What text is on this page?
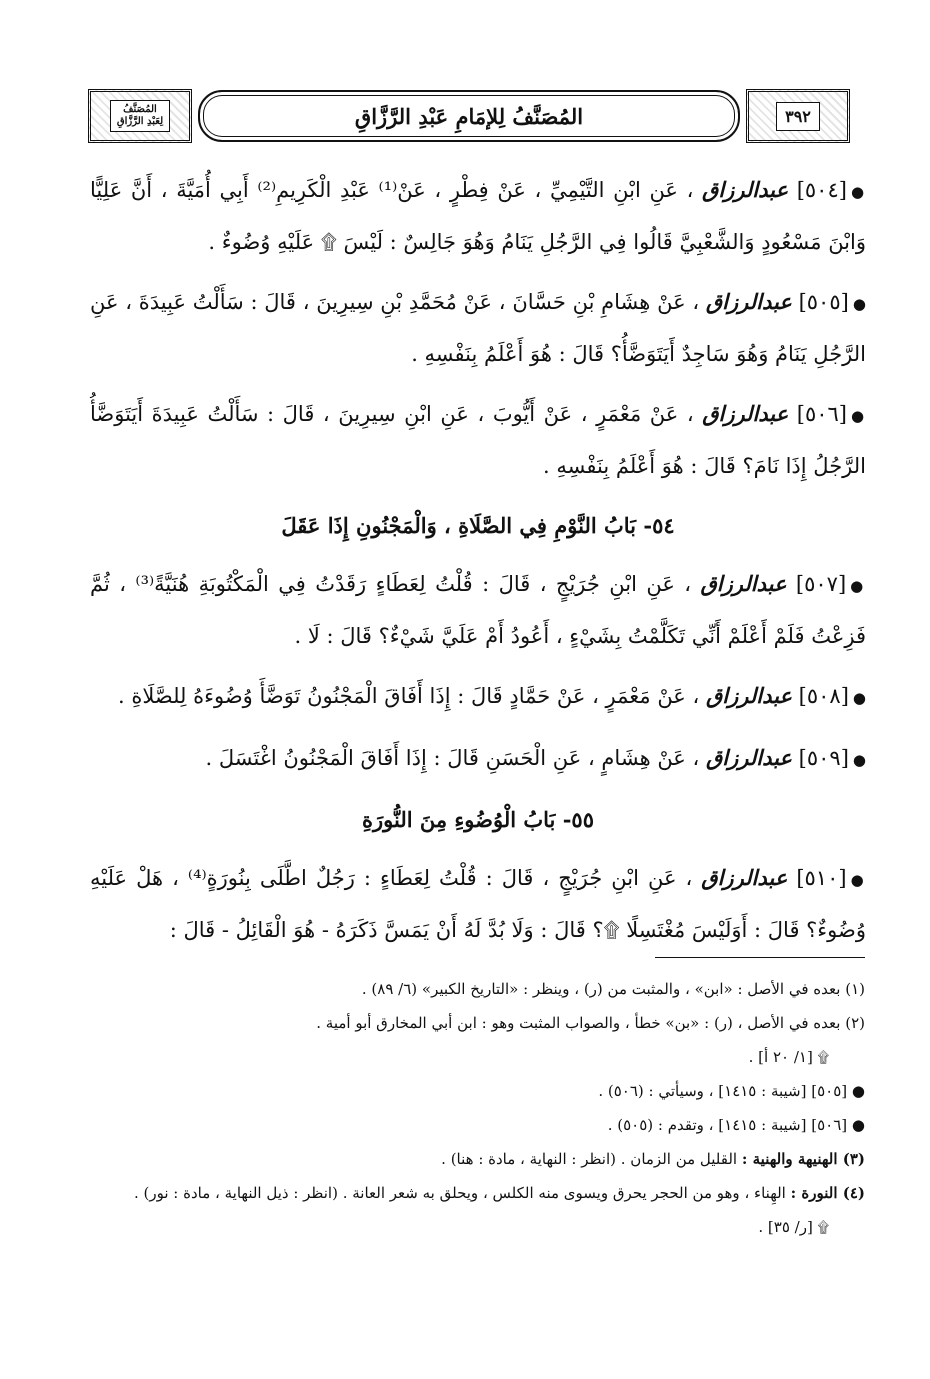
المُصَنَّفُ
لِعَبْدِ الرَّزَّاقِ	المُصَنَّفُ لِلإمَامِ عَبْدِ الرَّزَّاقِ	٣٩٢

●[٥٠٤] عبدالرزاق ، عَنِ ابْنِ التَّيْمِيِّ ، عَنْ فِطْرٍ ، عَنْ⁽¹⁾ عَبْدِ الْكَرِيمِ⁽²⁾ أَبِي أُمَيَّةَ ، أَنَّ عَلِيًّا وَابْنَ مَسْعُودٍ وَالشَّعْبِيَّ قَالُوا فِي الرَّجُلِ يَنَامُ وَهُوَ جَالِسٌ : لَيْسَ ۩ عَلَيْهِ وُضُوءٌ .

●[٥٠٥] عبدالرزاق ، عَنْ هِشَامِ بْنِ حَسَّانَ ، عَنْ مُحَمَّدِ بْنِ سِيرِينَ ، قَالَ : سَأَلْتُ عَبِيدَةَ ، عَنِ الرَّجُلِ يَنَامُ وَهُوَ سَاجِدٌ أَيَتَوَضَّأُ؟ قَالَ : هُوَ أَعْلَمُ بِنَفْسِهِ .

●[٥٠٦] عبدالرزاق ، عَنْ مَعْمَرٍ ، عَنْ أَيُّوبَ ، عَنِ ابْنِ سِيرِينَ ، قَالَ : سَأَلْتُ عَبِيدَةَ أَيَتَوَضَّأُ الرَّجُلُ إِذَا نَامَ؟ قَالَ : هُوَ أَعْلَمُ بِنَفْسِهِ .

٥٤- بَابُ النَّوْمِ فِي الصَّلَاةِ ، وَالْمَجْنُونِ إِذَا عَقَلَ

●[٥٠٧] عبدالرزاق ، عَنِ ابْنِ جُرَيْجٍ ، قَالَ : قُلْتُ لِعَطَاءٍ رَقَدْتُ فِي الْمَكْتُوبَةِ هُنَيَّةً⁽³⁾ ، ثُمَّ فَزِعْتُ فَلَمْ أَعْلَمْ أَنِّي تَكَلَّمْتُ بِشَيْءٍ ، أَعُودُ أَمْ عَلَيَّ شَيْءٌ؟ قَالَ : لَا .

●[٥٠٨] عبدالرزاق ، عَنْ مَعْمَرٍ ، عَنْ حَمَّادٍ قَالَ : إِذَا أَفَاقَ الْمَجْنُونُ تَوَضَّأَ وُضُوءَهُ لِلصَّلَاةِ .

●[٥٠٩] عبدالرزاق ، عَنْ هِشَامٍ ، عَنِ الْحَسَنِ قَالَ : إِذَا أَفَاقَ الْمَجْنُونُ اغْتَسَلَ .

٥٥- بَابُ الْوُضُوءِ مِنَ النُّورَةِ

●[٥١٠] عبدالرزاق ، عَنِ ابْنِ جُرَيْجٍ ، قَالَ : قُلْتُ لِعَطَاءٍ : رَجُلٌ اطَّلَى بِنُورَةٍ⁽⁴⁾ ، هَلْ عَلَيْهِ وُضُوءٌ؟ قَالَ : أَوَلَيْسَ مُغْتَسِلًا ۩؟ قَالَ : وَلَا بُدَّ لَهُ أَنْ يَمَسَّ ذَكَرَهُ - هُوَ الْقَائِلُ - قَالَ :

(١) بعده في الأصل : «ابن» ، والمثبت من (ر) ، وينظر : «التاريخ الكبير» (٦/ ٨٩) .

(٢) بعده في الأصل ، (ر) : «بن» خطأ ، والصواب المثبت وهو : ابن أبي المخارق أبو أمية .

۩ [١/ ٢٠ أ] .

● [٥٠٥] [شيبة : ١٤١٥] ، وسيأتي : (٥٠٦) .

● [٥٠٦] [شيبة : ١٤١٥] ، وتقدم : (٥٠٥) .

(٣) الهنيهة والهنية : القليل من الزمان . (انظر : النهاية ، مادة : هنا) .

(٤) النورة : الهِناء ، وهو من الحجر يحرق ويسوى منه الكلس ، ويحلق به شعر العانة . (انظر : ذيل النهاية ، مادة : نور) .

۩ [ر/ ٣٥] .
